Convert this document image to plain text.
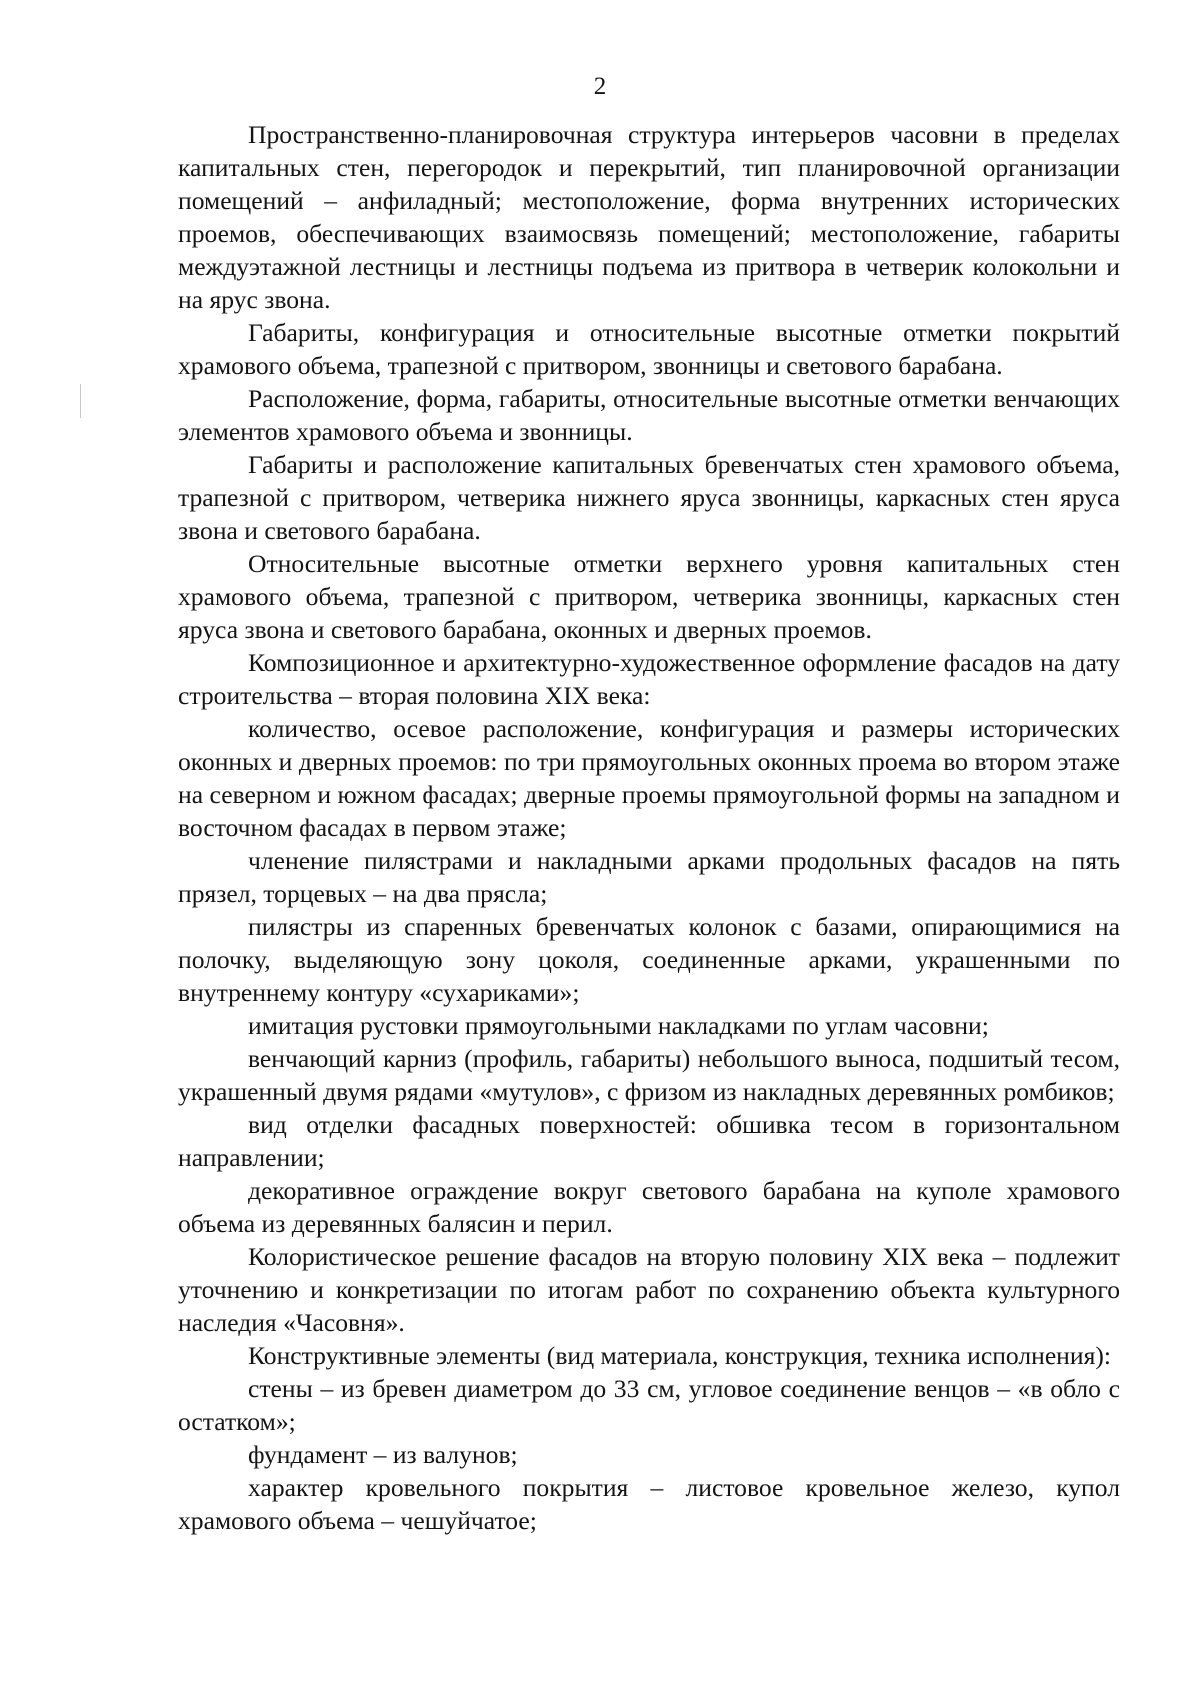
2

Пространственно-планировочная структура интерьеров часовни в пределах капитальных стен, перегородок и перекрытий, тип планировочной организации помещений – анфиладный; местоположение, форма внутренних исторических проемов, обеспечивающих взаимосвязь помещений; местоположение, габариты междуэтажной лестницы и лестницы подъема из притвора в четверик колокольни и на ярус звона.

Габариты, конфигурация и относительные высотные отметки покрытий храмового объема, трапезной с притвором, звонницы и светового барабана.

Расположение, форма, габариты, относительные высотные отметки венчающих элементов храмового объема и звонницы.

Габариты и расположение капитальных бревенчатых стен храмового объема, трапезной с притвором, четверика нижнего яруса звонницы, каркасных стен яруса звона и светового барабана.

Относительные высотные отметки верхнего уровня капитальных стен храмового объема, трапезной с притвором, четверика звонницы, каркасных стен яруса звона и светового барабана, оконных и дверных проемов.

Композиционное и архитектурно-художественное оформление фасадов на дату строительства – вторая половина XIX века:

количество, осевое расположение, конфигурация и размеры исторических оконных и дверных проемов: по три прямоугольных оконных проема во втором этаже на северном и южном фасадах; дверные проемы прямоугольной формы на западном и восточном фасадах в первом этаже;

членение пилястрами и накладными арками продольных фасадов на пять прязел, торцевых – на два прясла;

пилястры из спаренных бревенчатых колонок с базами, опирающимися на полочку, выделяющую зону цоколя, соединенные арками, украшенными по внутреннему контуру «сухариками»;

имитация рустовки прямоугольными накладками по углам часовни;

венчающий карниз (профиль, габариты) небольшого выноса, подшитый тесом, украшенный двумя рядами «мутулов», с фризом из накладных деревянных ромбиков;

вид отделки фасадных поверхностей: обшивка тесом в горизонтальном направлении;

декоративное ограждение вокруг светового барабана на куполе храмового объема из деревянных балясин и перил.

Колористическое решение фасадов на вторую половину XIX века – подлежит уточнению и конкретизации по итогам работ по сохранению объекта культурного наследия «Часовня».

Конструктивные элементы (вид материала, конструкция, техника исполнения):

стены – из бревен диаметром до 33 см, угловое соединение венцов – «в обло с остатком»;

фундамент – из валунов;

характер кровельного покрытия – листовое кровельное железо, купол храмового объема – чешуйчатое;
